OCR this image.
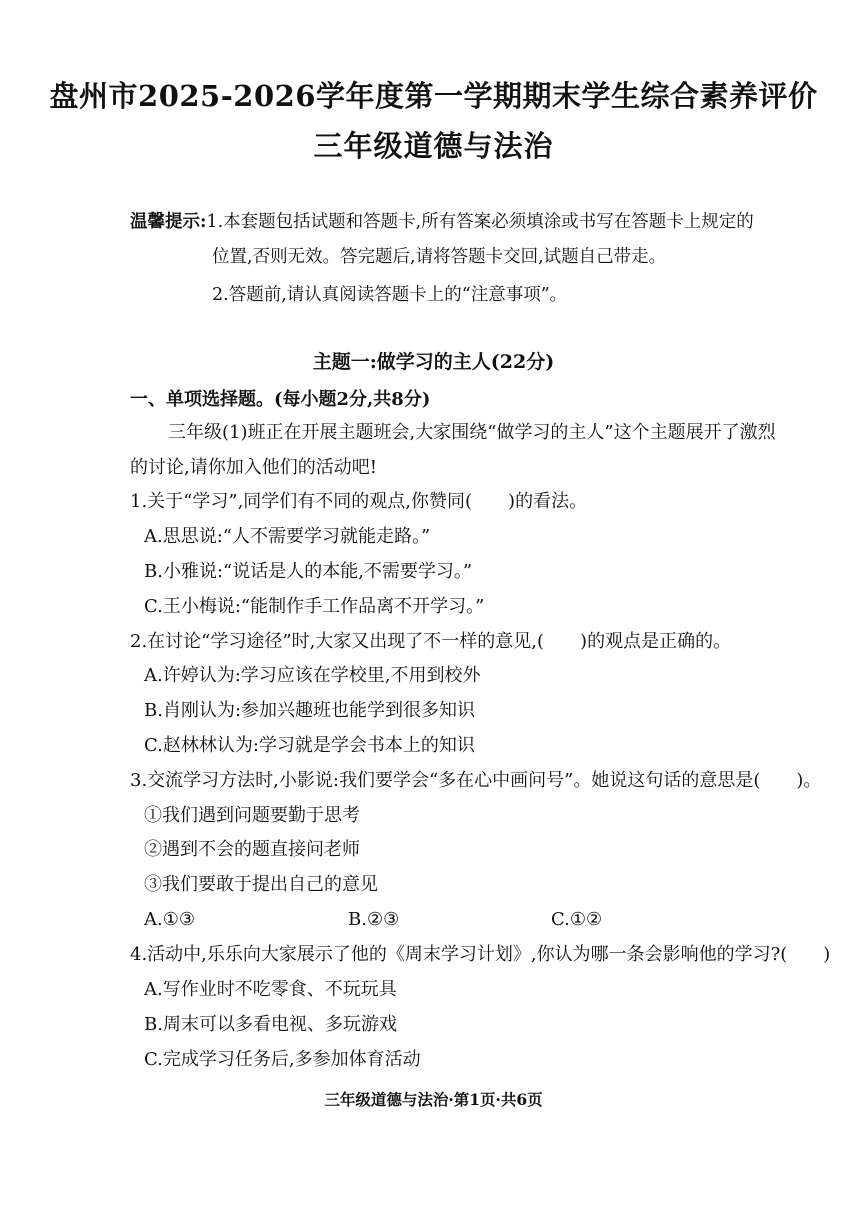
盘州市2025-2026学年度第一学期期末学生综合素养评价
三年级道德与法治
温馨提示:1.本套题包括试题和答题卡,所有答案必须填涂或书写在答题卡上规定的
位置,否则无效。答完题后,请将答题卡交回,试题自己带走。
2.答题前,请认真阅读答题卡上的“注意事项”。
主题一:做学习的主人(22分)
一、单项选择题。(每小题2分,共8分)
三年级(1)班正在开展主题班会,大家围绕“做学习的主人”这个主题展开了激烈
的讨论,请你加入他们的活动吧!
1.关于“学习”,同学们有不同的观点,你赞同(　　)的看法。
A.思思说:“人不需要学习就能走路。”
B.小雅说:“说话是人的本能,不需要学习。”
C.王小梅说:“能制作手工作品离不开学习。”
2.在讨论“学习途径”时,大家又出现了不一样的意见,(　　)的观点是正确的。
A.许婷认为:学习应该在学校里,不用到校外
B.肖刚认为:参加兴趣班也能学到很多知识
C.赵林林认为:学习就是学会书本上的知识
3.交流学习方法时,小影说:我们要学会“多在心中画问号”。她说这句话的意思是(　　)。
①我们遇到问题要勤于思考
②遇到不会的题直接问老师
③我们要敢于提出自己的意见
A.①③	B.②③	C.①②
4.活动中,乐乐向大家展示了他的《周末学习计划》,你认为哪一条会影响他的学习?(　　)
A.写作业时不吃零食、不玩玩具
B.周末可以多看电视、多玩游戏
C.完成学习任务后,多参加体育活动
三年级道德与法治·第1页·共6页
